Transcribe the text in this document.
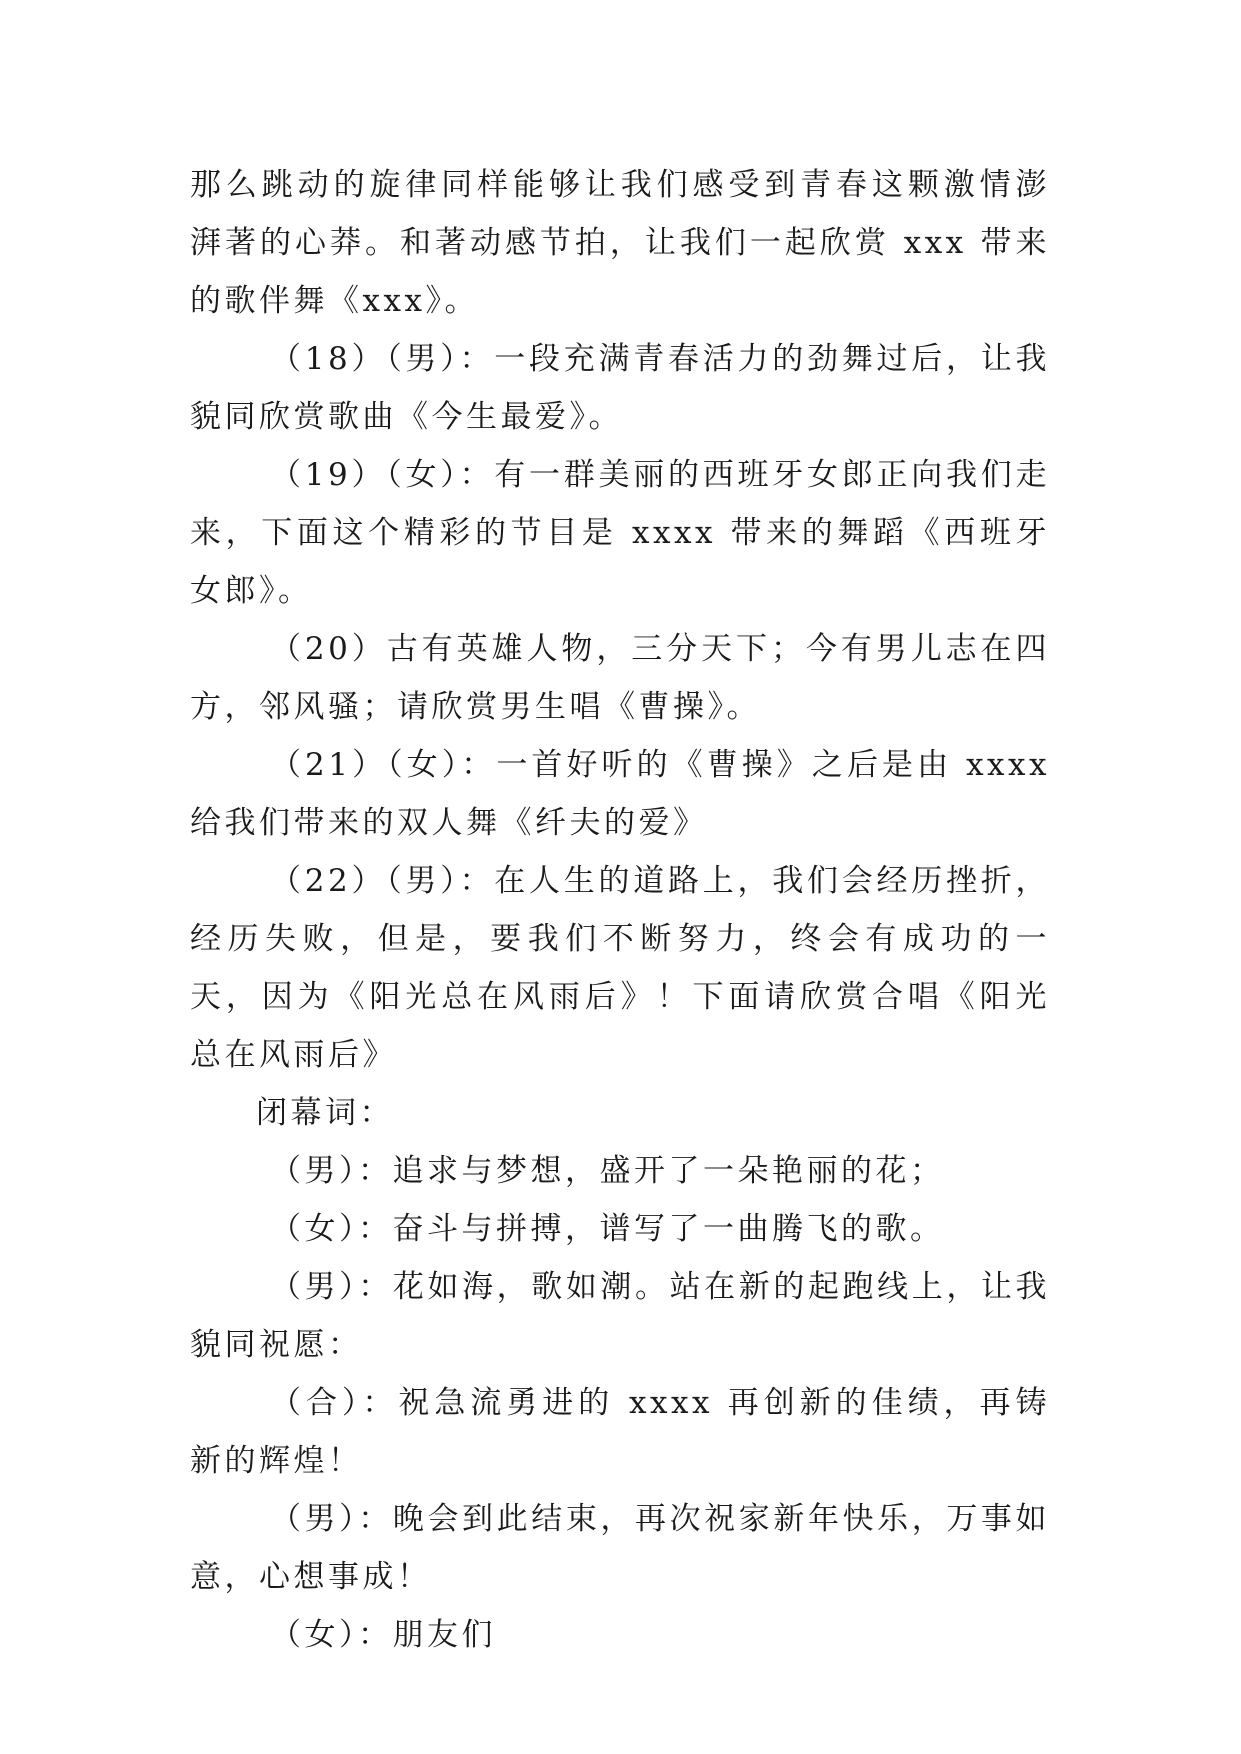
那么跳动的旋律同样能够让我们感受到青春这颗激情澎湃著的心莽。和著动感节拍，让我们一起欣赏 xxx 带来的歌伴舞《xxx》。

（18）（男）：一段充满青春活力的劲舞过后，让我貌同欣赏歌曲《今生最爱》。

（19）（女）：有一群美丽的西班牙女郎正向我们走来，下面这个精彩的节目是 xxxx 带来的舞蹈《西班牙女郎》。

（20）古有英雄人物，三分天下；今有男儿志在四方，邻风骚；请欣赏男生唱《曹操》。

（21）（女）：一首好听的《曹操》之后是由 xxxx 给我们带来的双人舞《纤夫的爱》

（22）（男）：在人生的道路上，我们会经历挫折，经历失败，但是，要我们不断努力，终会有成功的一天，因为《阳光总在风雨后》！下面请欣赏合唱《阳光总在风雨后》

闭幕词：

（男）：追求与梦想，盛开了一朵艳丽的花；

（女）：奋斗与拼搏，谱写了一曲腾飞的歌。

（男）：花如海，歌如潮。站在新的起跑线上，让我貌同祝愿：

（合）：祝急流勇进的 xxxx 再创新的佳绩，再铸新的辉煌！

（男）：晚会到此结束，再次祝家新年快乐，万事如意，心想事成！

（女）：朋友们
